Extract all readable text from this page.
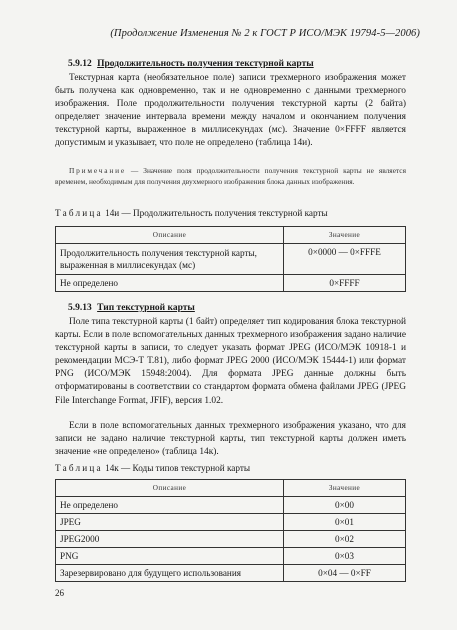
(Продолжение Изменения № 2 к ГОСТ Р ИСО/МЭК 19794-5—2006)
5.9.12 Продолжительность получения текстурной карты
Текстурная карта (необязательное поле) записи трехмерного изображения может быть получена как одновременно, так и не одновременно с данными трехмерного изображения. Поле продолжительности получения текстурной карты (2 байта) определяет значение интервала времени между началом и окончанием получения текстурной карты, выраженное в миллисекундах (мс). Значение 0×FFFF является допустимым и указывает, что поле не определено (таблица 14и).
Примечание — Значение поля продолжительности получения текстурной карты не является временем, необходимым для получения двухмерного изображения блока данных изображения.
Таблица 14и — Продолжительность получения текстурной карты
Описание	Значение
Продолжительность получения текстурной карты, выраженная в миллисекундах (мс)	0×0000 — 0×FFFE
Не определено	0×FFFF
5.9.13 Тип текстурной карты
Поле типа текстурной карты (1 байт) определяет тип кодирования блока текстурной карты. Если в поле вспомогательных данных трехмерного изображения задано наличие текстурной карты в записи, то следует указать формат JPEG (ИСО/МЭК 10918-1 и рекомендации МСЭ-Т Т.81), либо формат JPEG 2000 (ИСО/МЭК 15444-1) или формат PNG (ИСО/МЭК 15948:2004). Для формата JPEG данные должны быть отформатированы в соответствии со стандартом формата обмена файлами JPEG (JPEG File Interchange Format, JFIF), версия 1.02.
Если в поле вспомогательных данных трехмерного изображения указано, что для записи не задано наличие текстурной карты, тип текстурной карты должен иметь значение «не определено» (таблица 14к).
Таблица 14к — Коды типов текстурной карты
Описание	Значение
Не определено	0×00
JPEG	0×01
JPEG2000	0×02
PNG	0×03
Зарезервировано для будущего использования	0×04 — 0×FF
26
